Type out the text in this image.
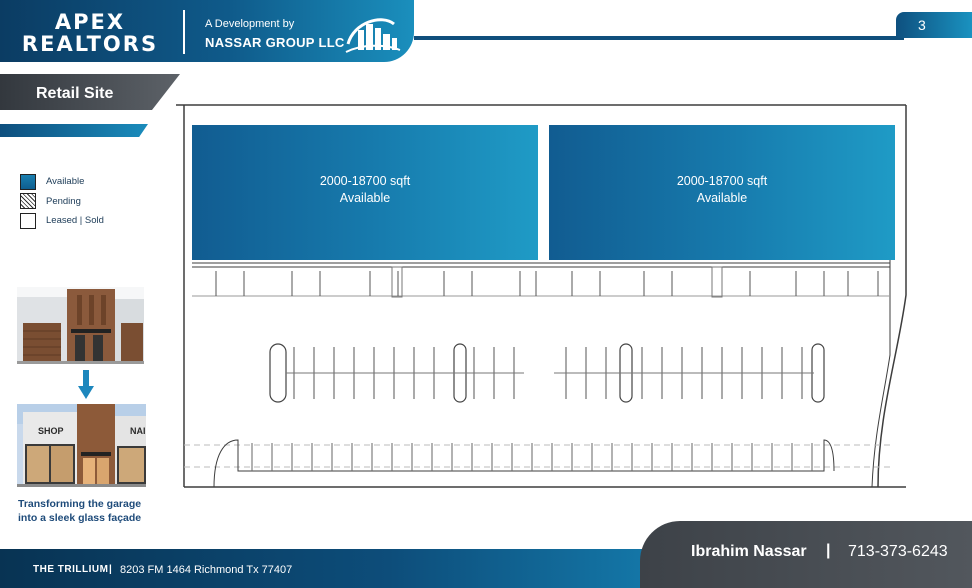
APEX
REALTORS
A Development by
NASSAR GROUP LLC
3
Retail Site
Available
Pending
Leased | Sold
SHOP	NAI
Transforming the garage into a sleek glass façade
2000-18700 sqft
Available
2000-18700 sqft
Available
THE TRILLIUM | 8203 FM 1464 Richmond Tx 77407
Ibrahim Nassar | 713-373-6243
